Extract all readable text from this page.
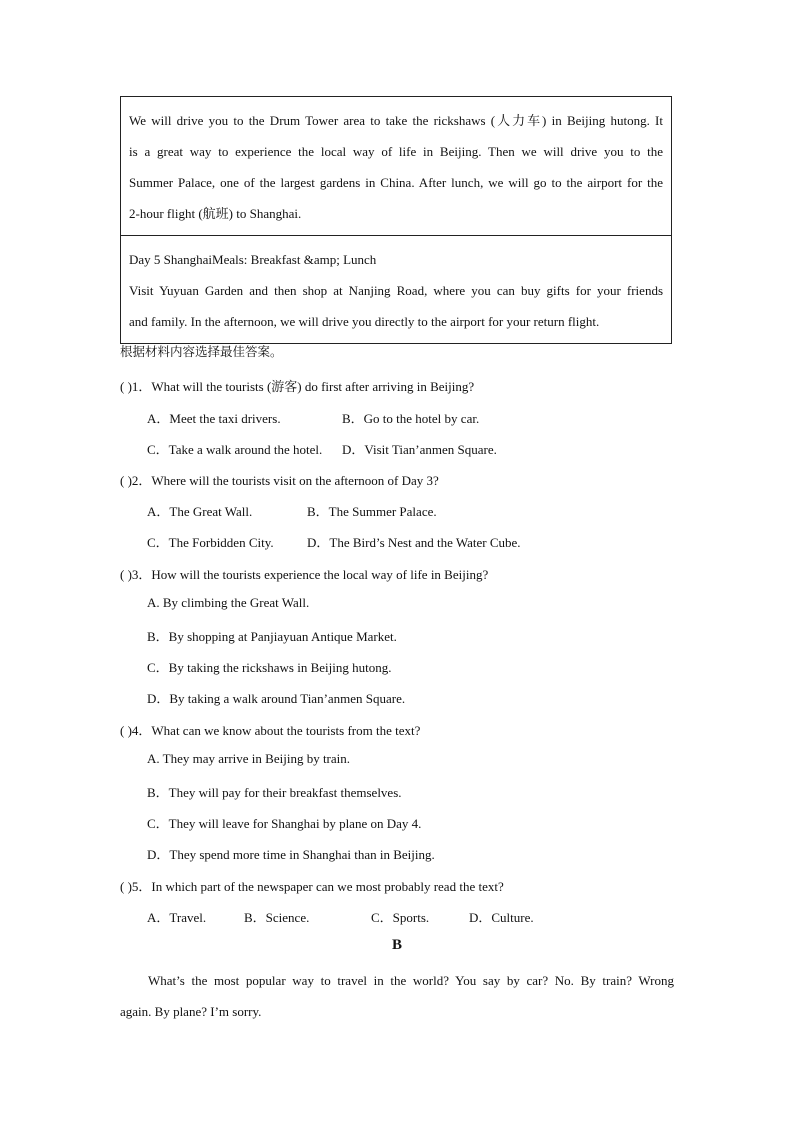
We will drive you to the Drum Tower area to take the rickshaws (人力车) in Beijing hutong. It
is a great way to experience the local way of life in Beijing. Then we will drive you to the
Summer Palace, one of the largest gardens in China. After lunch, we will go to the airport for the
2-hour flight (航班) to Shanghai.
Day 5 ShanghaiMeals: Breakfast &amp; Lunch
Visit Yuyuan Garden and then shop at Nanjing Road, where you can buy gifts for your friends
and family. In the afternoon, we will drive you directly to the airport for your return flight.
根据材料内容选择最佳答案。
( )1．What will the tourists (游客) do first after arriving in Beijing?
A．Meet the taxi drivers.	B．Go to the hotel by car.
C．Take a walk around the hotel. D．Visit Tian’anmen Square.
( )2．Where will the tourists visit on the afternoon of Day 3?
A．The Great Wall.	B．The Summer Palace.
C．The Forbidden City.	D．The Bird’s Nest and the Water Cube.
( )3．How will the tourists experience the local way of life in Beijing?
A. By climbing the Great Wall.
B．By shopping at Panjiayuan Antique Market.
C．By taking the rickshaws in Beijing hutong.
D．By taking a walk around Tian’anmen Square.
( )4．What can we know about the tourists from the text?
A. They may arrive in Beijing by train.
B．They will pay for their breakfast themselves.
C．They will leave for Shanghai by plane on Day 4.
D．They spend more time in Shanghai than in Beijing.
( )5．In which part of the newspaper can we most probably read the text?
A．Travel.	B．Science.	C．Sports.	D．Culture.
B
What’s the most popular way to travel in the world? You say by car? No. By train? Wrong
again. By plane? I’m sorry.
